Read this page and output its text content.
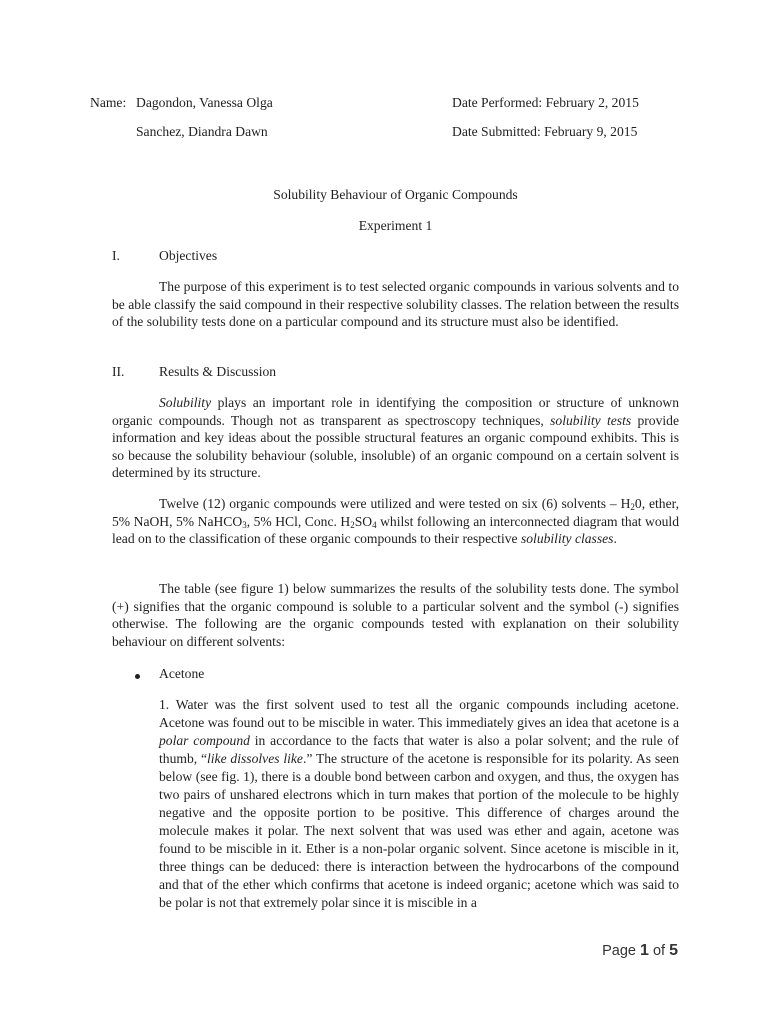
Name: Dagondon, Vanessa Olga
Sanchez, Diandra Dawn
Date Performed: February 2, 2015
Date Submitted: February 9, 2015
Solubility Behaviour of Organic Compounds
Experiment 1
I.	Objectives
The purpose of this experiment is to test selected organic compounds in various solvents and to be able classify the said compound in their respective solubility classes. The relation between the results of the solubility tests done on a particular compound and its structure must also be identified.
II.	Results & Discussion
Solubility plays an important role in identifying the composition or structure of unknown organic compounds. Though not as transparent as spectroscopy techniques, solubility tests provide information and key ideas about the possible structural features an organic compound exhibits. This is so because the solubility behaviour (soluble, insoluble) of an organic compound on a certain solvent is determined by its structure.
Twelve (12) organic compounds were utilized and were tested on six (6) solvents – $H_20$, ether, 5% NaOH, 5% NaHCO$_3$, 5% HCl, Conc. $H_2SO_4$ whilst following an interconnected diagram that would lead on to the classification of these organic compounds to their respective solubility classes.
The table (see figure 1) below summarizes the results of the solubility tests done. The symbol (+) signifies that the organic compound is soluble to a particular solvent and the symbol (-) signifies otherwise. The following are the organic compounds tested with explanation on their solubility behaviour on different solvents:
Acetone
1. Water was the first solvent used to test all the organic compounds including acetone. Acetone was found out to be miscible in water. This immediately gives an idea that acetone is a polar compound in accordance to the facts that water is also a polar solvent; and the rule of thumb, “like dissolves like.” The structure of the acetone is responsible for its polarity. As seen below (see fig. 1), there is a double bond between carbon and oxygen, and thus, the oxygen has two pairs of unshared electrons which in turn makes that portion of the molecule to be highly negative and the opposite portion to be positive. This difference of charges around the molecule makes it polar. The next solvent that was used was ether and again, acetone was found to be miscible in it. Ether is a non-polar organic solvent. Since acetone is miscible in it, three things can be deduced: there is interaction between the hydrocarbons of the compound and that of the ether which confirms that acetone is indeed organic; acetone which was said to be polar is not that extremely polar since it is miscible in a
Page 1 of 5
